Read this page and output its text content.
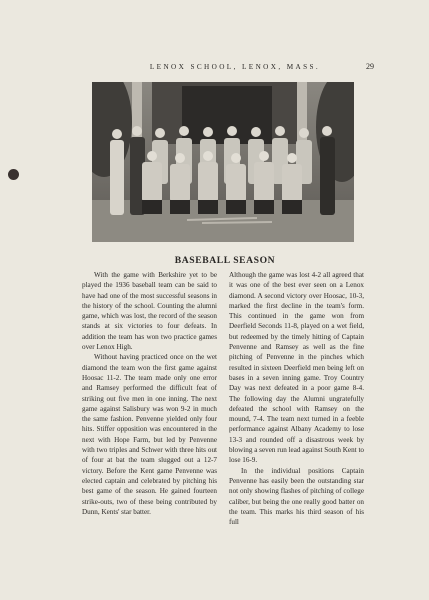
LENOX SCHOOL, LENOX, MASS.	29
BASEBALL SEASON

With the game with Berkshire yet to be played the 1936 baseball team can be said to have had one of the most successful seasons in the history of the school. Counting the alumni game, which was lost, the record of the season stands at six victories to four defeats. In addition the team has won two practice games over Lenox High.

Without having practiced once on the wet diamond the team won the first game against Hoosac 11-2. The team made only one error and Ramsey performed the difficult feat of striking out five men in one inning. The next game against Salisbury was won 9-2 in much the same fashion. Penvenne yielded only four hits. Stiffer opposition was encountered in the next with Hope Farm, but led by Penvenne with two triples and Schwer with three hits out of four at bat the team slugged out a 12-7 victory. Before the Kent game Penvenne was elected captain and celebrated by pitching his best game of the season. He gained fourteen strike-outs, two of these being contributed by Dunn, Kents' star batter.

Although the game was lost 4-2 all agreed that it was one of the best ever seen on a Lenox diamond. A second victory over Hoosac, 10-3, marked the first decline in the team's form. This continued in the game won from Deerfield Seconds 11-8, played on a wet field, but redeemed by the timely hitting of Captain Penvenne and Ramsey as well as the fine pitching of Penvenne in the pinches which resulted in sixteen Deerfield men being left on bases in a seven inning game. Troy Country Day was next defeated in a poor game 8-4. The following day the Alumni ungratefully defeated the school with Ramsey on the mound, 7-4. The team next turned in a feeble performance against Albany Academy to lose 13-3 and rounded off a disastrous week by blowing a seven run lead against South Kent to lose 16-9.

In the individual positions Captain Penvenne has easily been the outstanding star not only showing flashes of pitching of college caliber, but being the one really good batter on the team. This marks his third season of his full
